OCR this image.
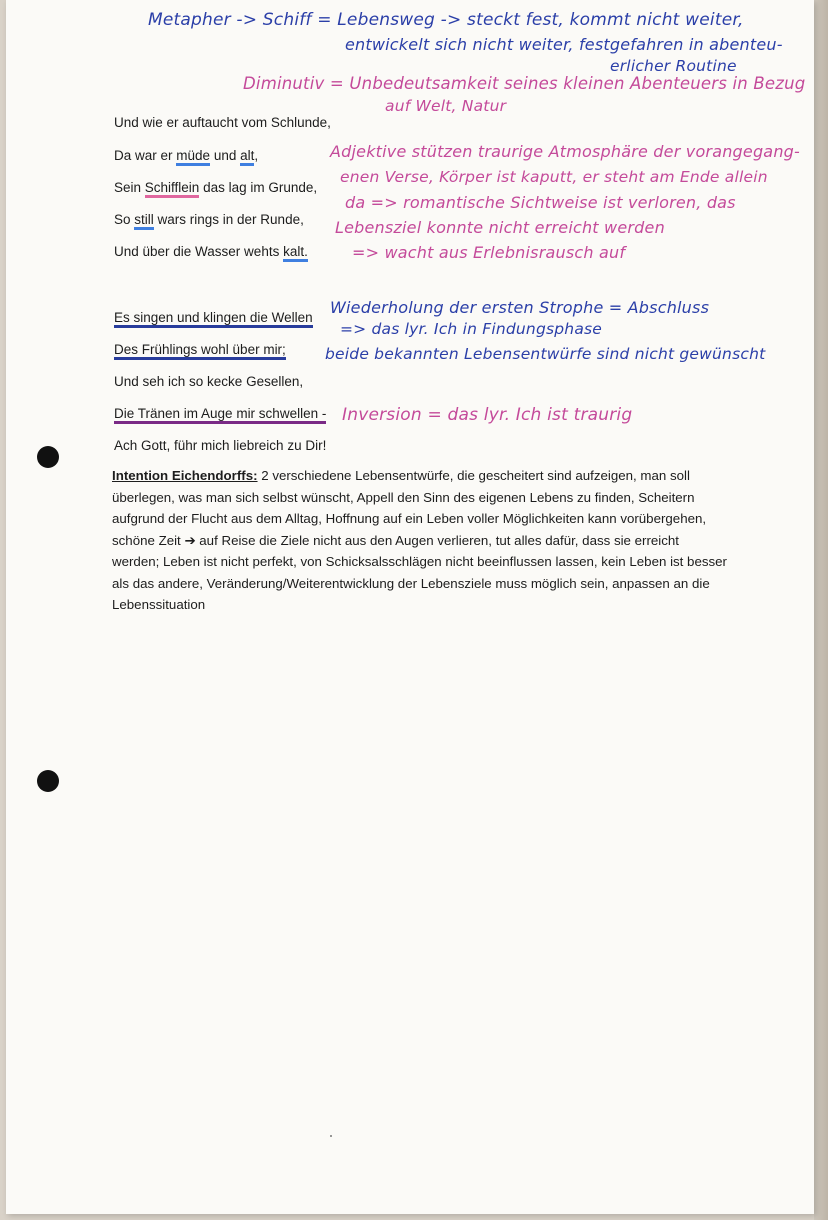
Metapher -> Schiff = Lebensweg -> steckt fest, kommt nicht weiter,

entwickelt sich nicht weiter, festgefahren in abenteu-

erlicher Routine

Diminutiv = Unbedeutsamkeit seines kleinen Abenteuers in Bezug

auf Welt, Natur

Adjektive stützen traurige Atmosphäre der vorangegang-

enen Verse, Körper ist kaputt, er steht am Ende allein

da => romantische Sichtweise ist verloren, das

Lebensziel konnte nicht erreicht werden

=> wacht aus Erlebnisrausch auf

Wiederholung der ersten Strophe = Abschluss

=> das lyr. Ich in Findungsphase

beide bekannten Lebensentwürfe sind nicht gewünscht

Inversion = das lyr. Ich ist traurig

Und wie er auftaucht vom Schlunde,

Da war er müde und alt,

Sein Schifflein das lag im Grunde,

So still wars rings in der Runde,

Und über die Wasser wehts kalt.

Es singen und klingen die Wellen

Des Frühlings wohl über mir;

Und seh ich so kecke Gesellen,

Die Tränen im Auge mir schwellen -

Ach Gott, führ mich liebreich zu Dir!

Intention Eichendorffs: 2 verschiedene Lebensentwürfe, die gescheitert sind aufzeigen, man soll überlegen, was man sich selbst wünscht, Appell den Sinn des eigenen Lebens zu finden, Scheitern aufgrund der Flucht aus dem Alltag, Hoffnung auf ein Leben voller Möglichkeiten kann vorübergehen, schöne Zeit ➔ auf Reise die Ziele nicht aus den Augen verlieren, tut alles dafür, dass sie erreicht werden; Leben ist nicht perfekt, von Schicksalsschlägen nicht beeinflussen lassen, kein Leben ist besser als das andere, Veränderung/Weiterentwicklung der Lebensziele muss möglich sein, anpassen an die Lebenssituation
